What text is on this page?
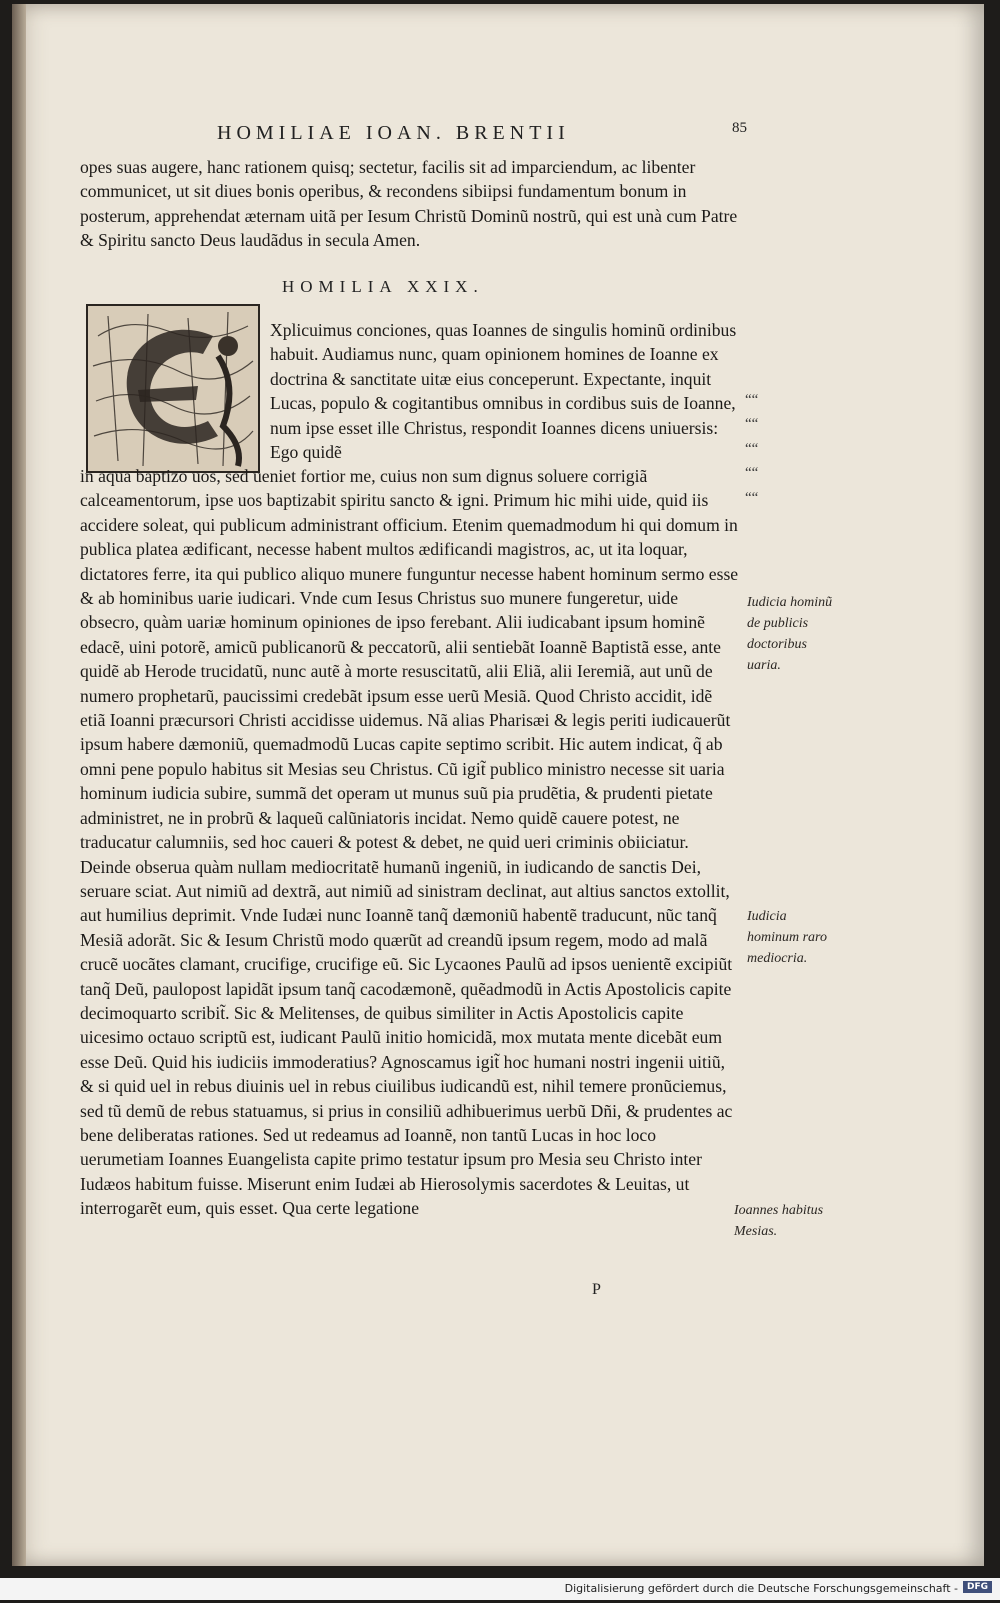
HOMILIAE IOAN. BRENTII	85

opes suas augere, hanc rationem quisq; sectetur, facilis sit ad imparciendum, ac libenter communicet, ut sit diues bonis operibus, & recondens sibiipsi fundamentum bonum in posterum, apprehendat æternam uitã per Iesum Christũ Dominũ nostrũ, qui est unà cum Patre & Spiritu sancto Deus laudãdus in secula Amen.

HOMILIA XXIX.

Xplicuimus conciones, quas Ioannes de singulis hominũ ordinibus habuit. Audiamus nunc, quam opinionem homines de Ioanne ex doctrina & sanctitate uitæ eius conceperunt. Expectante, inquit Lucas, populo & cogitantibus omnibus in cordibus suis de Ioanne, num ipse esset ille Christus, respondit Ioannes dicens uniuersis: Ego quidẽ

““
““
““
““
““

in aqua baptizo uos, sed ueniet fortior me, cuius non sum dignus soluere corrigiã calceamentorum, ipse uos baptizabit spiritu sancto & igni. Primum hic mihi uide, quid iis accidere soleat, qui publicum administrant officium. Etenim quemadmodum hi qui domum in publica platea ædificant, necesse habent multos ædificandi magistros, ac, ut ita loquar, dictatores ferre, ita qui publico aliquo munere funguntur necesse habent hominum sermo esse & ab hominibus uarie iudicari. Vnde cum Iesus Christus suo munere fungeretur, uide obsecro, quàm uariæ hominum opiniones de ipso ferebant. Alii iudicabant ipsum hominẽ edacẽ, uini potorẽ, amicũ publicanorũ & peccatorũ, alii sentiebãt Ioannẽ Baptistã esse, ante quidẽ ab Herode trucidatũ, nunc autẽ à morte resuscitatũ, alii Eliã, alii Ieremiã, aut unũ de numero prophetarũ, paucissimi credebãt ipsum esse uerũ Mesiã. Quod Christo accidit, idẽ etiã Ioanni præcursori Christi accidisse uidemus. Nã alias Pharisæi & legis periti iudicauerũt ipsum habere dæmoniũ, quemadmodũ Lucas capite septimo scribit. Hic autem indicat, q̃ ab omni pene populo habitus sit Mesias seu Christus. Cũ igit̃ publico ministro necesse sit uaria hominum iudicia subire, summã det operam ut munus suũ pia prudẽtia, & prudenti pietate administret, ne in probrũ & laqueũ calũniatoris incidat. Nemo quidẽ cauere potest, ne traducatur calumniis, sed hoc caueri & potest & debet, ne quid ueri criminis obiiciatur. Deinde obserua quàm nullam mediocritatẽ humanũ ingeniũ, in iudicando de sanctis Dei, seruare sciat. Aut nimiũ ad dextrã, aut nimiũ ad sinistram declinat, aut altius sanctos extollit, aut humilius deprimit. Vnde Iudæi nunc Ioannẽ tanq̃ dæmoniũ habentẽ traducunt, nũc tanq̃ Mesiã adorãt. Sic & Iesum Christũ modo quærũt ad creandũ ipsum regem, modo ad malã crucẽ uocãtes clamant, crucifige, crucifige eũ. Sic Lycaones Paulũ ad ipsos uenientẽ excipiũt tanq̃ Deũ, paulopost lapidãt ipsum tanq̃ cacodæmonẽ, quẽadmodũ in Actis Apostolicis capite decimoquarto scribit̃. Sic & Melitenses, de quibus similiter in Actis Apostolicis capite uicesimo octauo scriptũ est, iudicant Paulũ initio homicidã, mox mutata mente dicebãt eum esse Deũ. Quid his iudiciis immoderatius? Agnoscamus igit̃ hoc humani nostri ingenii uitiũ, & si quid uel in rebus diuinis uel in rebus ciuilibus iudicandũ est, nihil temere pronũciemus, sed tũ demũ de rebus statuamus, si prius in consiliũ adhibuerimus uerbũ Dñi, & prudentes ac bene deliberatas rationes. Sed ut redeamus ad Ioannẽ, non tantũ Lucas in hoc loco uerumetiam Ioannes Euangelista capite primo testatur ipsum pro Mesia seu Christo inter Iudæos habitum fuisse. Miserunt enim Iudæi ab Hierosolymis sacerdotes & Leuitas, ut interrogarẽt eum, quis esset. Qua certe legatione

Iudicia hominũ de publicis doctoribus uaria.
Iudicia hominum raro mediocria.
Ioannes habitus Mesias.
P
Digitalisierung gefördert durch die Deutsche Forschungsgemeinschaft - DFG
